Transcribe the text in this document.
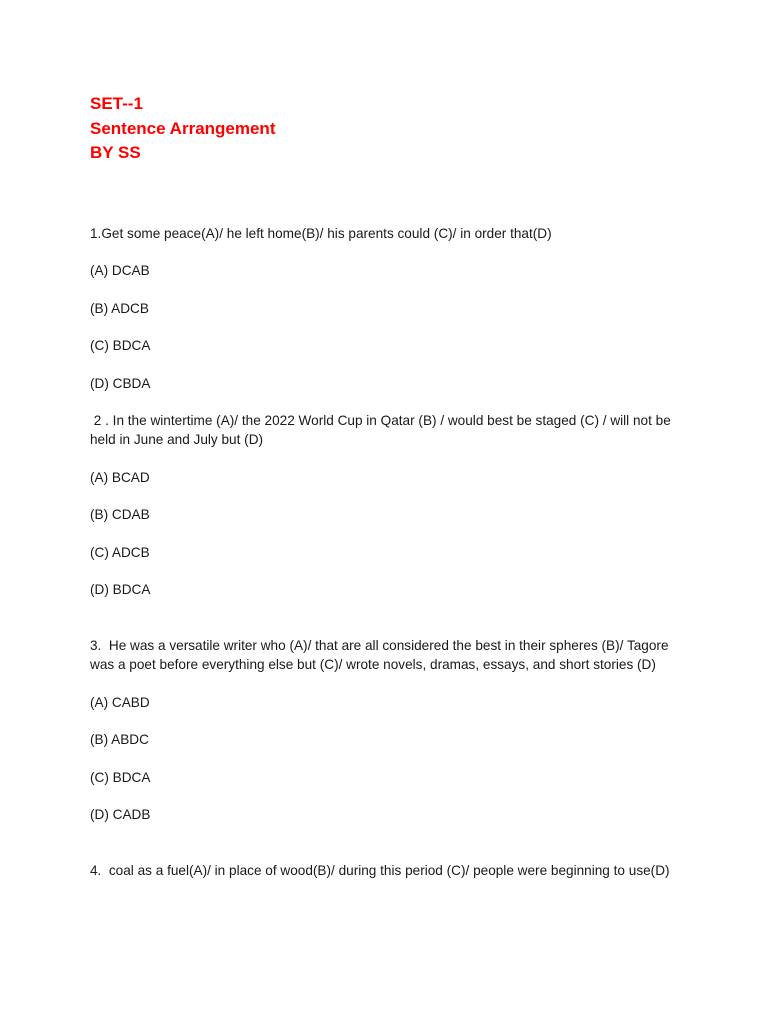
SET--1

Sentence Arrangement

BY SS

1.Get some peace(A)/ he left home(B)/ his parents could (C)/ in order that(D)

(A) DCAB

(B) ADCB

(C) BDCA

(D) CBDA

2 . In the wintertime (A)/ the 2022 World Cup in Qatar (B) / would best be staged (C) / will not be held in June and July but (D)

(A) BCAD

(B) CDAB

(C) ADCB

(D) BDCA

3.  He was a versatile writer who (A)/ that are all considered the best in their spheres (B)/ Tagore was a poet before everything else but (C)/ wrote novels, dramas, essays, and short stories (D)

(A) CABD

(B) ABDC

(C) BDCA

(D) CADB

4.  coal as a fuel(A)/ in place of wood(B)/ during this period (C)/ people were beginning to use(D)
